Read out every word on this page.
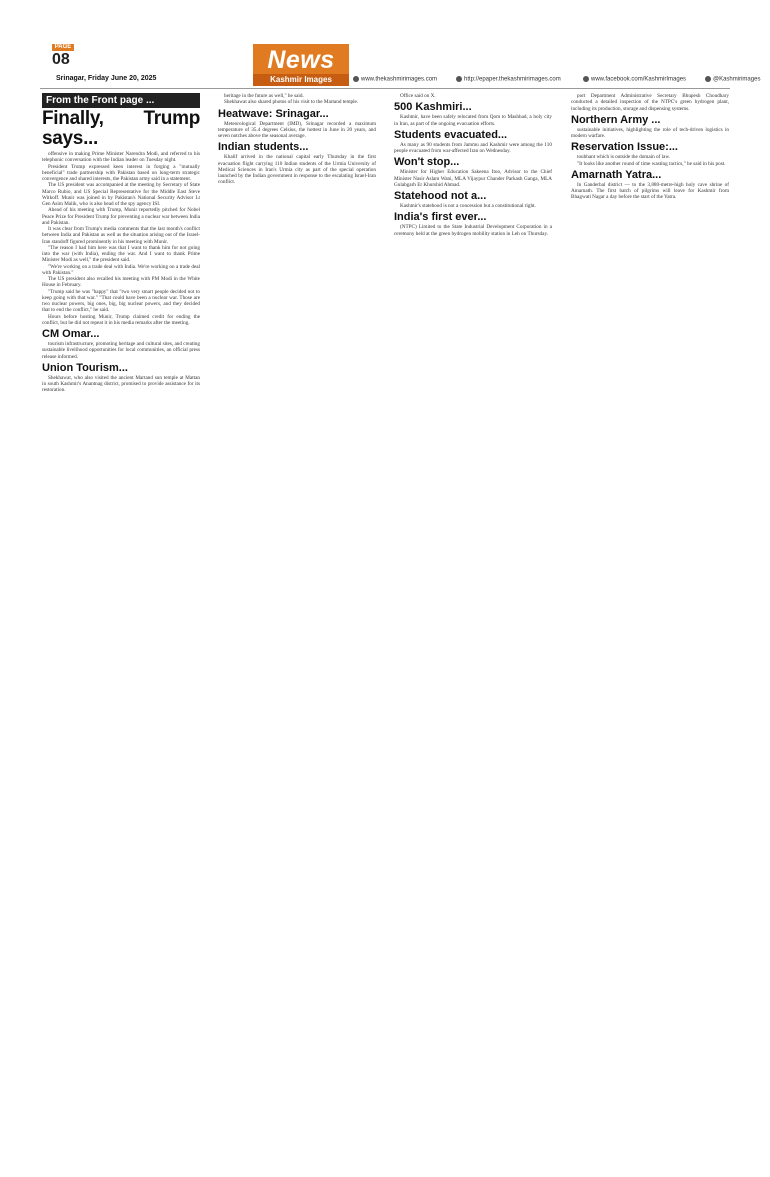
PAGE
08
Srinagar, Friday June 20, 2025
News
Kashmir Images	www.thekashmirimages.com	http://epaper.thekashmirimages.com	www.facebook.com/KashmirImages	@Kashmirimages
From the Front page ...
Finally, Trump says...

offensive in making Prime Minister Narendra Modi, and referred to his telephonic conversation with the Indian leader on Tuesday night.

President Trump expressed keen interest in forging a "mutually beneficial" trade partnership with Pakistan based on long-term strategic convergence and shared interests, the Pakistan army said in a statement.

The US president was accompanied at the meeting by Secretary of State Marco Rubio, and US Special Representative for the Middle East Steve Witkoff. Munir was joined in by Pakistan's National Security Advisor Lt Gen Asim Malik, who is also head of the spy agency ISI.

Ahead of his meeting with Trump, Munir reportedly pitched for Nobel Peace Prize for President Trump for preventing a nuclear war between India and Pakistan.

It was clear from Trump's media comments that the last month's conflict between India and Pakistan as well as the situation arising out of the Israel-Iran standoff figured prominently in his meeting with Munir.

"The reason I had him here was that I want to thank him for not going into the war (with India), ending the war. And I want to thank Prime Minister Modi as well," the president said.

"We're working on a trade deal with India. We're working on a trade deal with Pakistan."

The US president also recalled his meeting with PM Modi in the White House in February.

"Trump said he was "happy" that "two very smart people decided not to keep going with that war." "That could have been a nuclear war. Those are two nuclear powers, big ones, big, big nuclear powers, and they decided that to end the conflict," he said.

Hours before hosting Munir, Trump claimed credit for ending the conflict, but he did not repeat it in his media remarks after the meeting.

CM Omar...

tourism infrastructure, promoting heritage and cultural sites, and creating sustainable livelihood opportunities for local communities, an official press release informed.

Union Tourism...

Shekhawat, who also visited the ancient Martand sun temple at Mattan in south Kashmir's Anantnag district, promised to provide assistance for its restoration.

heritage in the future as well," he said.

Shekhawat also shared photos of his visit to the Martand temple.

Heatwave: Srinagar...

Meteorological Department (IMD), Srinagar recorded a maximum temperature of 35.4 degrees Celsius, the hottest in June in 20 years, and seven notches above the seasonal average.

Indian students...

Khalif arrived in the national capital early Thursday in the first evacuation flight carrying 110 Indian students of the Urmia University of Medical Sciences in Iran's Urmia city as part of the special operation launched by the Indian government in response to the escalating Israel-Iran conflict.

Office said on X.

500 Kashmiri...

Kashmir, have been safely relocated from Qom to Mashhad, a holy city in Iran, as part of the ongoing evacuation efforts.

Students evacuated...

As many as 90 students from Jammu and Kashmir were among the 110 people evacuated from war-affected Iran on Wednesday.

Won't stop...

Minister for Higher Education Sakeena Itoo, Advisor to the Chief Minister Nasir Aslam Wani, MLA Vijaypur Chander Parkash Ganga, MLA Gulabgarh Er Khurshid Ahmad.

Statehood not a...

Kashmir's statehood is not a concession but a constitutional right.

India's first ever...

(NTPC) Limited to the State Industrial Development Corporation in a ceremony held at the green hydrogen mobility station in Leh on Thursday.

port Department Administrative Secretary Bhupesh Choudhary conducted a detailed inspection of the NTPC's green hydrogen plant, including its production, storage and dispensing systems.

Northern Army ...

sustainable initiatives, highlighting the role of tech-driven logistics in modern warfare.

Reservation Issue:...

toubhant which is outside the domain of law.

"It looks like another round of time wasting tactics," he said in his post.

Amarnath Yatra...

In Ganderbal district — to the 3,880-metre-high holy cave shrine of Amarnath. The first batch of pilgrims will leave for Kashmir from Bhagwati Nagar a day before the start of the Yatra.
